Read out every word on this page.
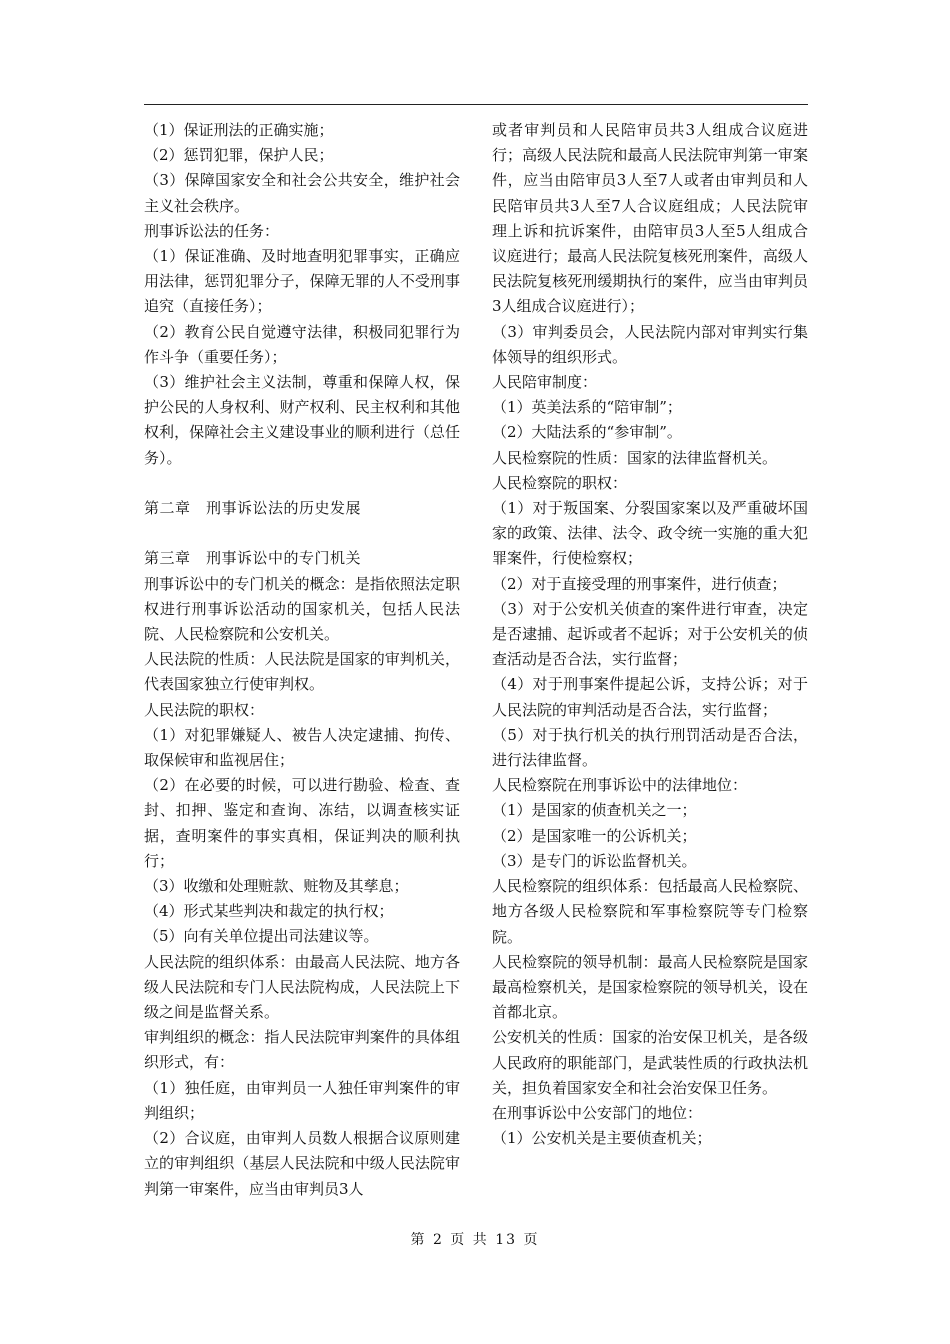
（1）保证刑法的正确实施；

（2）惩罚犯罪，保护人民；

（3）保障国家安全和社会公共安全，维护社会主义社会秩序。

刑事诉讼法的任务：

（1）保证准确、及时地查明犯罪事实，正确应用法律，惩罚犯罪分子，保障无罪的人不受刑事追究（直接任务）；

（2）教育公民自觉遵守法律，积极同犯罪行为作斗争（重要任务）；

（3）维护社会主义法制，尊重和保障人权，保护公民的人身权利、财产权利、民主权利和其他权利，保障社会主义建设事业的顺利进行（总任务）。

第二章　刑事诉讼法的历史发展

第三章　刑事诉讼中的专门机关

刑事诉讼中的专门机关的概念：是指依照法定职权进行刑事诉讼活动的国家机关，包括人民法院、人民检察院和公安机关。

人民法院的性质：人民法院是国家的审判机关，代表国家独立行使审判权。

人民法院的职权：

（1）对犯罪嫌疑人、被告人决定逮捕、拘传、取保候审和监视居住；

（2）在必要的时候，可以进行勘验、检查、查封、扣押、鉴定和查询、冻结，以调查核实证据，查明案件的事实真相，保证判决的顺利执行；

（3）收缴和处理赃款、赃物及其孳息；

（4）形式某些判决和裁定的执行权；

（5）向有关单位提出司法建议等。

人民法院的组织体系：由最高人民法院、地方各级人民法院和专门人民法院构成，人民法院上下级之间是监督关系。

审判组织的概念：指人民法院审判案件的具体组织形式，有：

（1）独任庭，由审判员一人独任审判案件的审判组织；

（2）合议庭，由审判人员数人根据合议原则建立的审判组织（基层人民法院和中级人民法院审判第一审案件，应当由审判员3人

或者审判员和人民陪审员共3人组成合议庭进行；高级人民法院和最高人民法院审判第一审案件，应当由陪审员3人至7人或者由审判员和人民陪审员共3人至7人合议庭组成；人民法院审理上诉和抗诉案件，由陪审员3人至5人组成合议庭进行；最高人民法院复核死刑案件，高级人民法院复核死刑缓期执行的案件，应当由审判员3人组成合议庭进行）；

（3）审判委员会，人民法院内部对审判实行集体领导的组织形式。

人民陪审制度：

（1）英美法系的“陪审制”；

（2）大陆法系的“参审制”。

人民检察院的性质：国家的法律监督机关。

人民检察院的职权：

（1）对于叛国案、分裂国家案以及严重破坏国家的政策、法律、法令、政令统一实施的重大犯罪案件，行使检察权；

（2）对于直接受理的刑事案件，进行侦查；

（3）对于公安机关侦查的案件进行审查，决定是否逮捕、起诉或者不起诉；对于公安机关的侦查活动是否合法，实行监督；

（4）对于刑事案件提起公诉，支持公诉；对于人民法院的审判活动是否合法，实行监督；

（5）对于执行机关的执行刑罚活动是否合法，进行法律监督。

人民检察院在刑事诉讼中的法律地位：

（1）是国家的侦查机关之一；

（2）是国家唯一的公诉机关；

（3）是专门的诉讼监督机关。

人民检察院的组织体系：包括最高人民检察院、地方各级人民检察院和军事检察院等专门检察院。

人民检察院的领导机制：最高人民检察院是国家最高检察机关，是国家检察院的领导机关，设在首都北京。

公安机关的性质：国家的治安保卫机关，是各级人民政府的职能部门，是武装性质的行政执法机关，担负着国家安全和社会治安保卫任务。

在刑事诉讼中公安部门的地位：

（1）公安机关是主要侦查机关；

第 2 页 共 13 页
